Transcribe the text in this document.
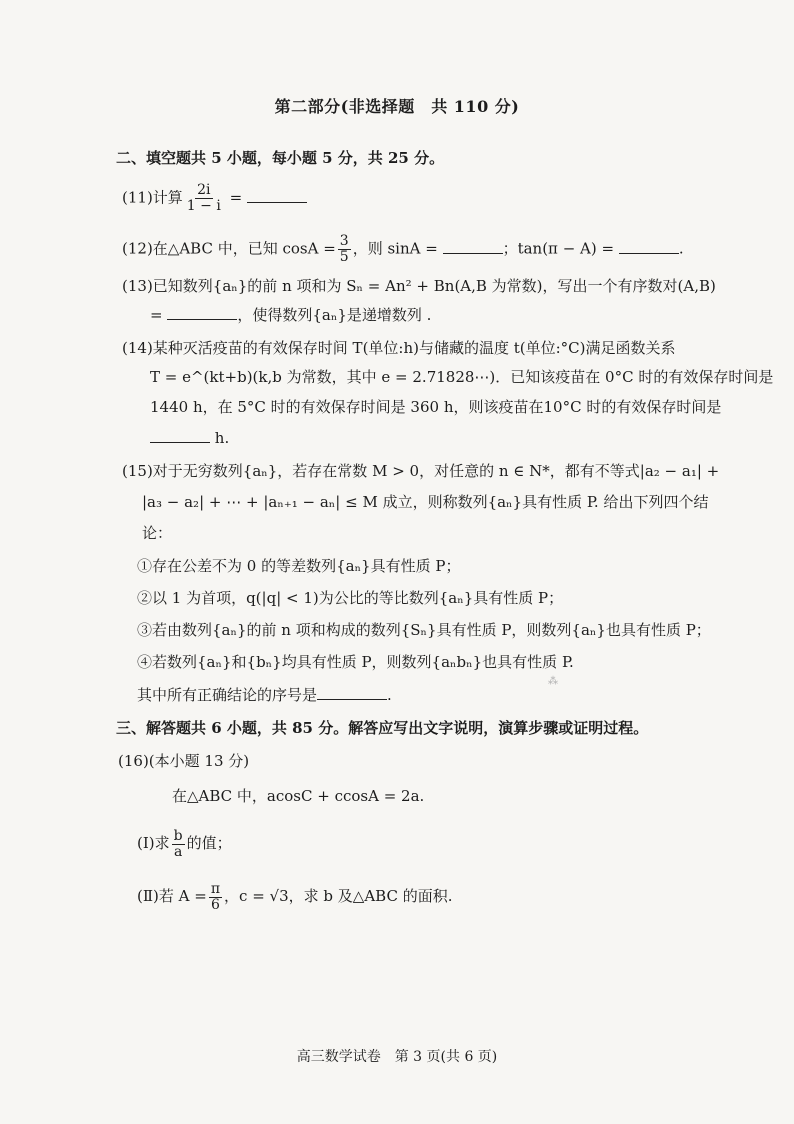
第二部分(非选择题　共 110 分)
二、填空题共 5 小题，每小题 5 分，共 25 分。
(11)计算 $\frac{2i}{1 - i}$ =
(12)在△ABC 中，已知 $\cos A = \frac{3}{5}$ ，则 sinA =	；tan(π − A) =	.
(13)已知数列{aₙ}的前 n 项和为 Sₙ = An² + Bn(A,B 为常数)，写出一个有序数对(A,B)
=	，使得数列{aₙ}是递增数列 .
(14)某种灭活疫苗的有效保存时间 T(单位:h)与储藏的温度 t(单位:°C)满足函数关系
T = e^(kt+b)(k,b 为常数，其中 e = 2.71828⋯)．已知该疫苗在 0°C 时的有效保存时间是
1440 h，在 5°C 时的有效保存时间是 360 h，则该疫苗在10°C 时的有效保存时间是
h.
(15)对于无穷数列{aₙ}，若存在常数 M > 0，对任意的 n ∈ N*，都有不等式|a₂ − a₁| +
|a₃ − a₂| + ⋯ + |aₙ₊₁ − aₙ| ≤ M 成立，则称数列{aₙ}具有性质 P. 给出下列四个结
论：
①存在公差不为 0 的等差数列{aₙ}具有性质 P；
②以 1 为首项，q(|q| < 1)为公比的等比数列{aₙ}具有性质 P；
③若由数列{aₙ}的前 n 项和构成的数列{Sₙ}具有性质 P，则数列{aₙ}也具有性质 P；
④若数列{aₙ}和{bₙ}均具有性质 P，则数列{aₙbₙ}也具有性质 P.
其中所有正确结论的序号是	.
三、解答题共 6 小题，共 85 分。解答应写出文字说明，演算步骤或证明过程。
(16)(本小题 13 分)
在△ABC 中，acosC + ccosA = 2a.
(Ⅰ)求 $\frac{b}{a}$ 的值；
(Ⅱ)若 $A = \frac{\pi}{6}$ ，c = √3，求 b 及△ABC 的面积.
⁂
高三数学试卷　第 3 页(共 6 页)
